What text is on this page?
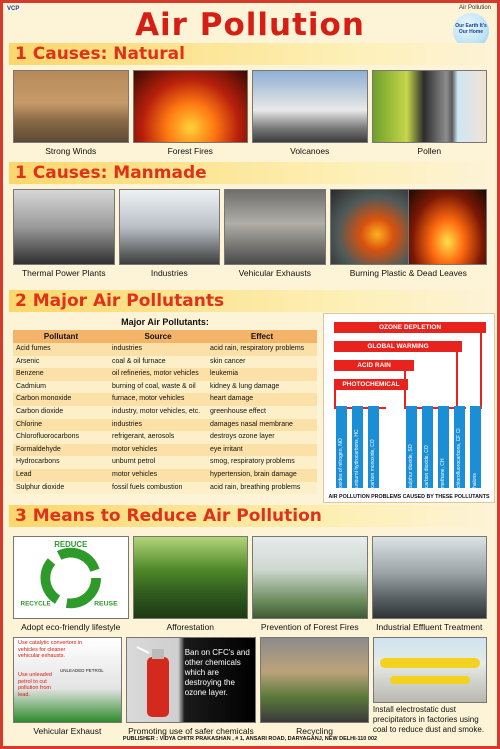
VCP	Air Pollution
Our Earth It's Our Home
Air Pollution
1 Causes: Natural
Strong Winds	Forest Fires	Volcanoes	Pollen
1 Causes: Manmade
Thermal Power Plants	Industries	Vehicular Exhausts	Burning Plastic & Dead Leaves
2 Major Air Pollutants
Major Air Pollutants:
Pollutant	Source	Effect
Acid fumes	industries	acid rain, respiratory problems
Arsenic	coal & oil furnace	skin cancer
Benzene	oil refineries, motor vehicles	leukemia
Cadmium	burning of coal, waste & oil	kidney & lung damage
Carbon monoxide	furnace, motor vehicles	heart damage
Carbon dioxide	industry, motor vehicles, etc.	greenhouse effect
Chlorine	industries	damages nasal membrane
Chlorofluorocarbons	refrigerant, aerosols	destroys ozone layer
Formaldehyde	motor vehicles	eye irritant
Hydrocarbons	unburnt petrol	smog, respiratory problems
Lead	motor vehicles	hypertension, brain damage
Sulphur dioxide	fossil fuels combustion	acid rain, breathing problems
OZONE DEPLETION
GLOBAL WARMING
ACID RAIN
PHOTOCHEMICAL SMOG
oxides of nitrogen, NO unburnt hydrocarbons, HC carbon monoxide, CO	sulphur dioxide, SO carbon dioxide, CO methane, CH chlorofluorocarbons, CF Cl halons
AIR POLLUTION PROBLEMS CAUSED BY THESE POLLUTANTS
3 Means to Reduce Air Pollution
REDUCE
REUSE
RECYCLE
Adopt eco-friendly lifestyle	Afforestation	Prevention of Forest Fires	Industrial Effluent Treatment
Use catalytic convertors in vehicles for cleaner vehicular exhausts.
UNLEADED PETROL
Use unleaded petrol to cut pollution from lead.
Vehicular Exhaust
Ban on CFC's and other chemicals which are destroying the ozone layer.
Promoting use of safer chemicals	Recycling
Install electrostatic dust precipitators in factories using coal to reduce dust and smoke.
PUBLISHER : VIDYA CHITR PRAKASHAN , # 1, ANSARI ROAD, DARYAGANJ, NEW DELHI-110 002
